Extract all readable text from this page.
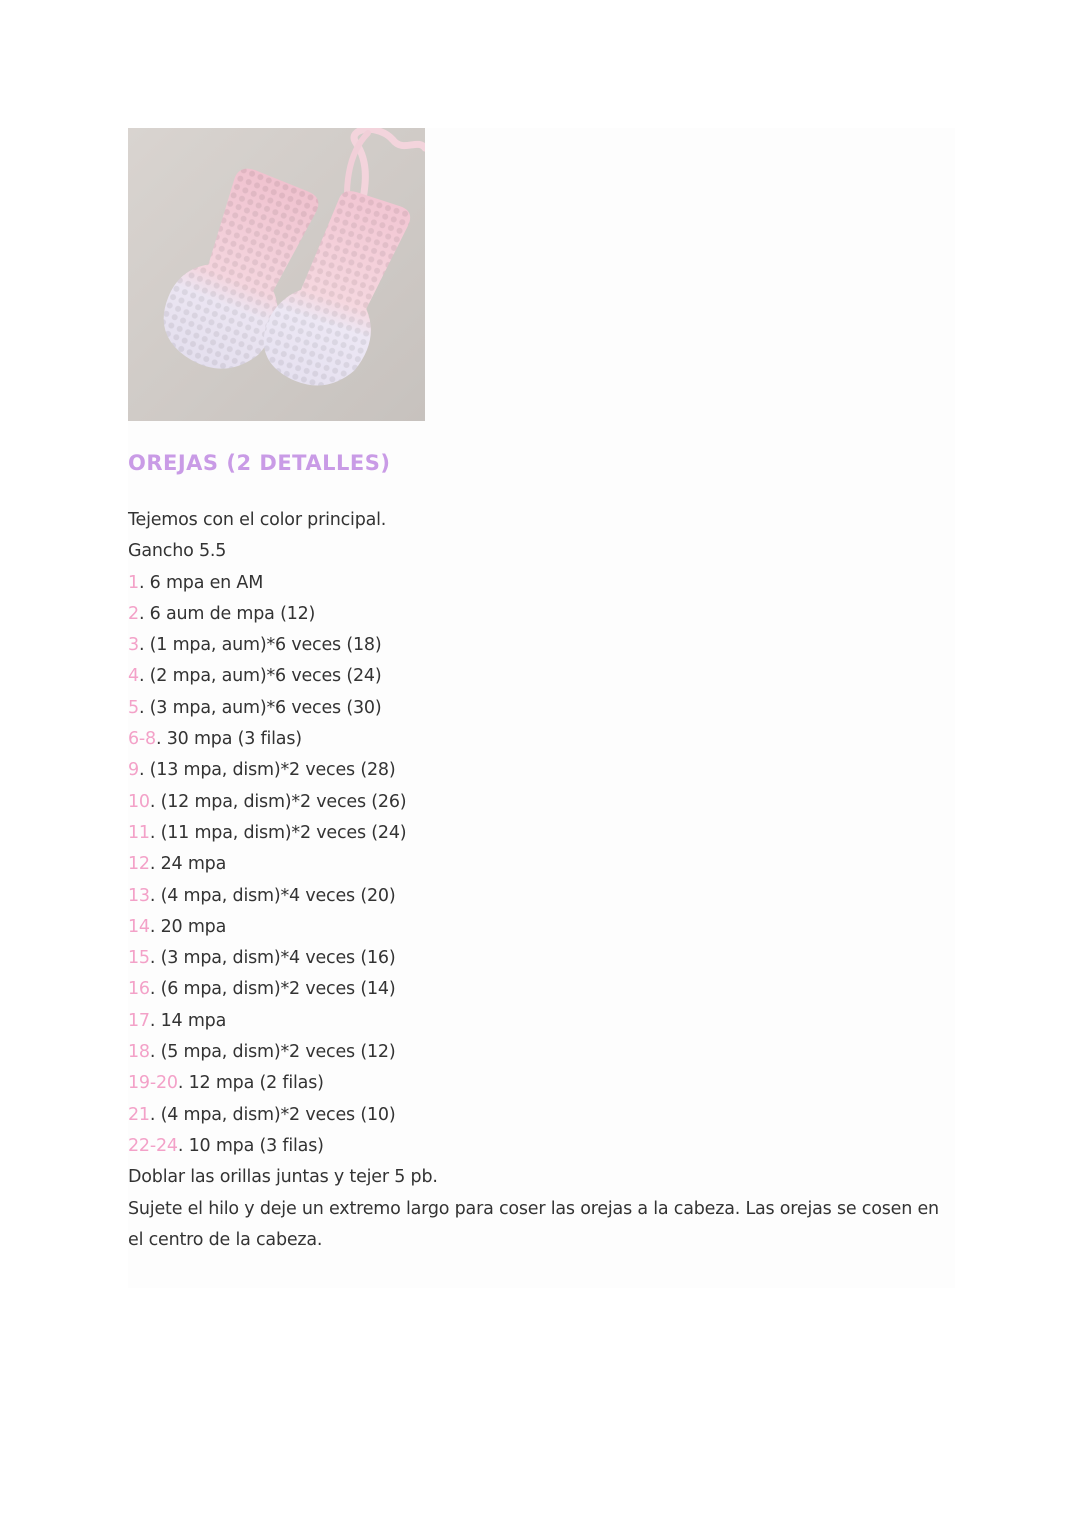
OREJAS (2 DETALLES)
Tejemos con el color principal.
Gancho 5.5
1. 6 mpa en AM
2. 6 aum de mpa (12)
3. (1 mpa, aum)*6 veces (18)
4. (2 mpa, aum)*6 veces (24)
5. (3 mpa, aum)*6 veces (30)
6-8. 30 mpa (3 filas)
9. (13 mpa, dism)*2 veces (28)
10. (12 mpa, dism)*2 veces (26)
11. (11 mpa, dism)*2 veces (24)
12. 24 mpa
13. (4 mpa, dism)*4 veces (20)
14. 20 mpa
15. (3 mpa, dism)*4 veces (16)
16. (6 mpa, dism)*2 veces (14)
17. 14 mpa
18. (5 mpa, dism)*2 veces (12)
19-20. 12 mpa (2 filas)
21. (4 mpa, dism)*2 veces (10)
22-24. 10 mpa (3 filas)
Doblar las orillas juntas y tejer 5 pb.
Sujete el hilo y deje un extremo largo para coser las orejas a la cabeza. Las orejas se cosen en el centro de la cabeza.
